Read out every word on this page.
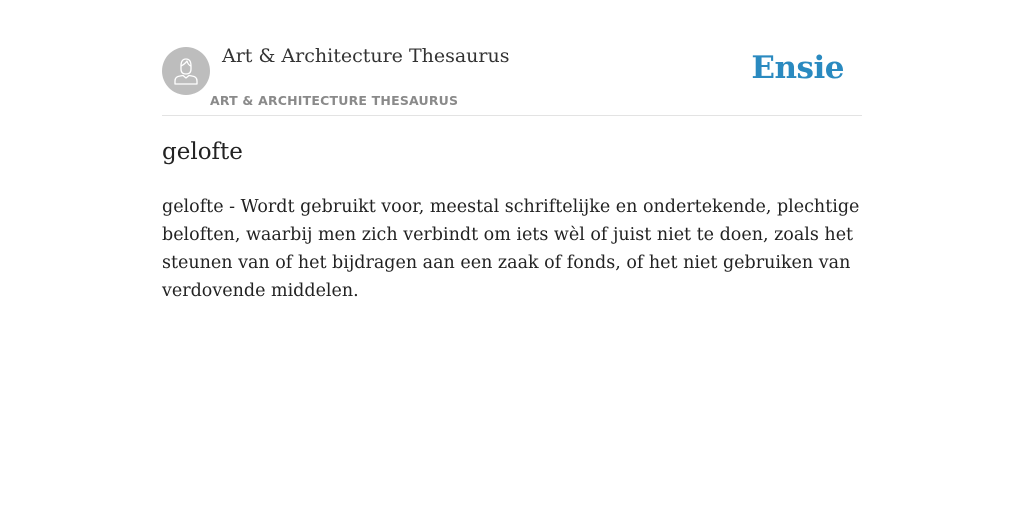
Art & Architecture Thesaurus
ART & ARCHITECTURE THESAURUS
Ensie
gelofte

gelofte - Wordt gebruikt voor, meestal schriftelijke en ondertekende, plechtige beloften, waarbij men zich verbindt om iets wèl of juist niet te doen, zoals het steunen van of het bijdragen aan een zaak of fonds, of het niet gebruiken van verdovende middelen.
